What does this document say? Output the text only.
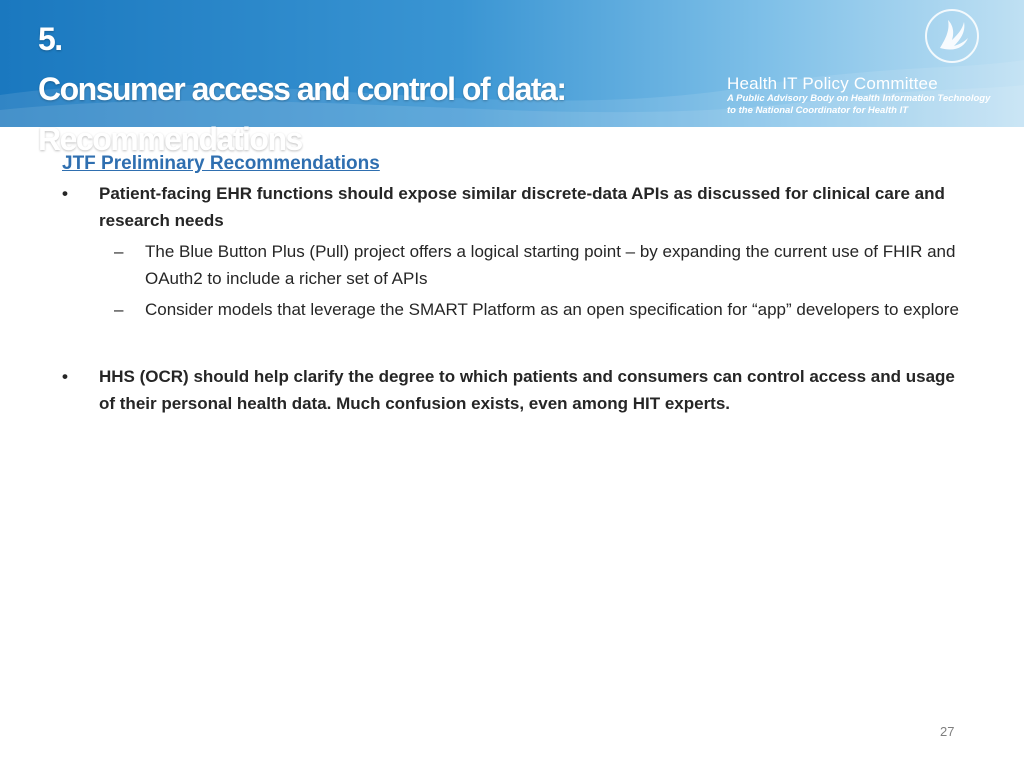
5.
Consumer access and control of data:
Recommendations
Health IT Policy Committee
A Public Advisory Body on Health Information Technology
to the National Coordinator for Health IT
JTF Preliminary Recommendations
• Patient-facing EHR functions should expose similar discrete-data APIs as discussed for clinical care and research needs
– The Blue Button Plus (Pull) project offers a logical starting point – by expanding the current use of FHIR and OAuth2 to include a richer set of APIs
– Consider models that leverage the SMART Platform as an open specification for “app” developers to explore
• HHS (OCR) should help clarify the degree to which patients and consumers can control access and usage of their personal health data. Much confusion exists, even among HIT experts.
27
